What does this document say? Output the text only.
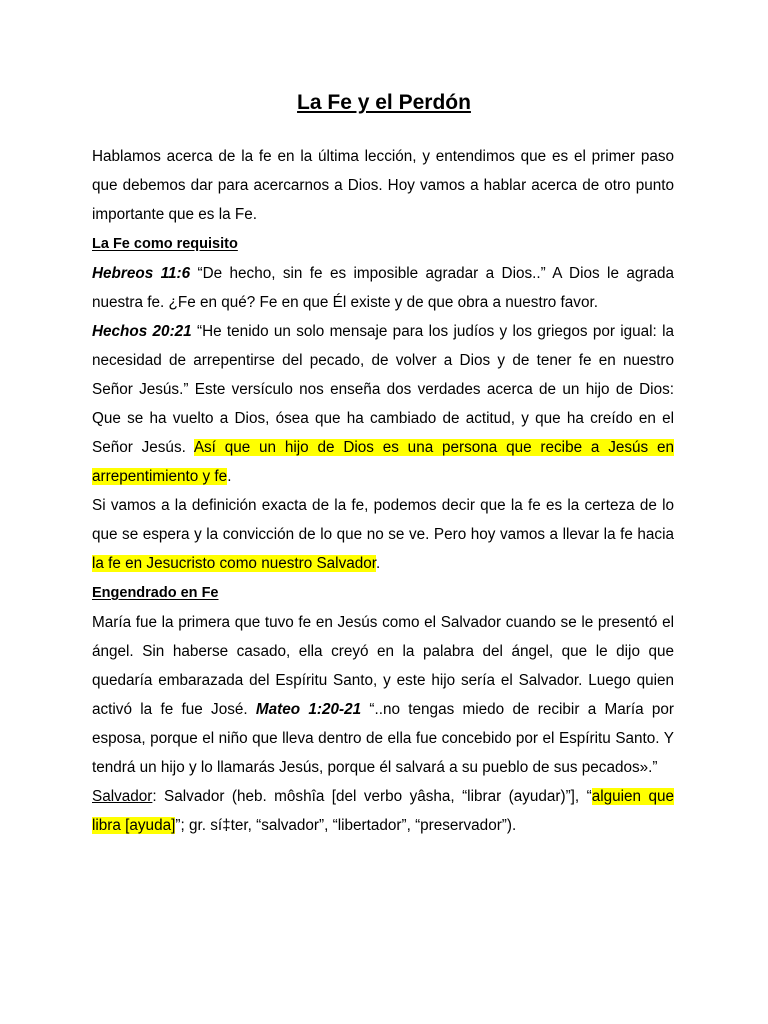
La Fe y el Perdón

Hablamos acerca de la fe en la última lección, y entendimos que es el primer paso que debemos dar para acercarnos a Dios. Hoy vamos a hablar acerca de otro punto importante que es la Fe.

La Fe como requisito

Hebreos 11:6 “De hecho, sin fe es imposible agradar a Dios..” A Dios le agrada nuestra fe. ¿Fe en qué? Fe en que Él existe y de que obra a nuestro favor.

Hechos 20:21 “He tenido un solo mensaje para los judíos y los griegos por igual: la necesidad de arrepentirse del pecado, de volver a Dios y de tener fe en nuestro Señor Jesús.” Este versículo nos enseña dos verdades acerca de un hijo de Dios: Que se ha vuelto a Dios, ósea que ha cambiado de actitud, y que ha creído en el Señor Jesús. Así que un hijo de Dios es una persona que recibe a Jesús en arrepentimiento y fe.

Si vamos a la definición exacta de la fe, podemos decir que la fe es la certeza de lo que se espera y la convicción de lo que no se ve. Pero hoy vamos a llevar la fe hacia la fe en Jesucristo como nuestro Salvador.

Engendrado en Fe

María fue la primera que tuvo fe en Jesús como el Salvador cuando se le presentó el ángel. Sin haberse casado, ella creyó en la palabra del ángel, que le dijo que quedaría embarazada del Espíritu Santo, y este hijo sería el Salvador. Luego quien activó la fe fue José. Mateo 1:20-21 “..no tengas miedo de recibir a María por esposa, porque el niño que lleva dentro de ella fue concebido por el Espíritu Santo. Y tendrá un hijo y lo llamarás Jesús, porque él salvará a su pueblo de sus pecados».”

Salvador: Salvador (heb. môshîa [del verbo yâsha, “librar (ayudar)”], “alguien que libra [ayuda]”; gr. sí‡ter, “salvador”, “libertador”, “preservador”).
